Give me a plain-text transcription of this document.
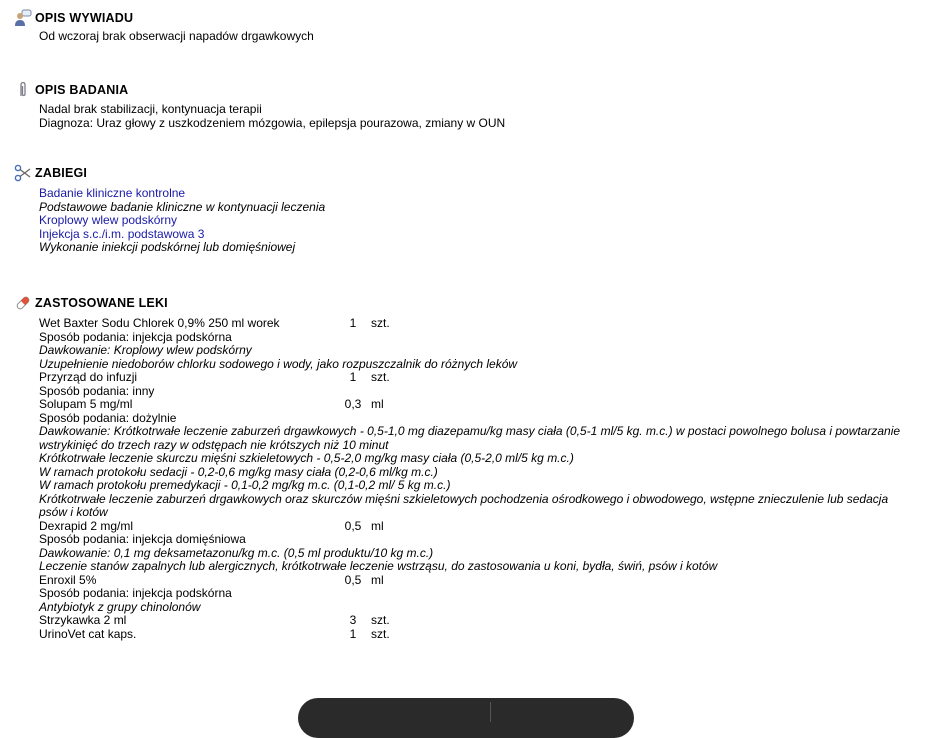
OPIS WYWIADU
Od wczoraj brak obserwacji napadów drgawkowych
OPIS BADANIA
Nadal brak stabilizacji, kontynuacja terapii
Diagnoza: Uraz głowy z uszkodzeniem mózgowia, epilepsja pourazowa, zmiany w OUN
ZABIEGI
Badanie kliniczne kontrolne
Podstawowe badanie kliniczne w kontynuacji leczenia
Kroplowy wlew podskórny
Injekcja s.c./i.m. podstawowa 3
Wykonanie iniekcji podskórnej lub domięśniowej
ZASTOSOWANE LEKI
Wet Baxter Sodu Chlorek 0,9% 250 ml worek	1	szt.
Sposób podania: injekcja podskórna
Dawkowanie: Kroplowy wlew podskórny
Uzupełnienie niedoborów chlorku sodowego i wody, jako rozpuszczalnik do różnych leków
Przyrząd do infuzji	1	szt.
Sposób podania: inny
Solupam 5 mg/ml	0,3 ml
Sposób podania: dożylnie
Dawkowanie: Krótkotrwałe leczenie zaburzeń drgawkowych - 0,5-1,0 mg diazepamu/kg masy ciała (0,5-1 ml/5 kg. m.c.) w postaci powolnego bolusa i powtarzanie wstrykinięć do trzech razy w odstępach nie krótszych niż 10 minut
Krótkotrwałe leczenie skurczu mięśni szkieletowych - 0,5-2,0 mg/kg masy ciała (0,5-2,0 ml/5 kg m.c.)
W ramach protokołu sedacji - 0,2-0,6 mg/kg masy ciała (0,2-0,6 ml/kg m.c.)
W ramach protokołu premedykacji - 0,1-0,2 mg/kg m.c. (0,1-0,2 ml/ 5 kg m.c.)
Krótkotrwałe leczenie zaburzeń drgawkowych oraz skurczów mięśni szkieletowych pochodzenia ośrodkowego i obwodowego, wstępne znieczulenie lub sedacja psów i kotów
Dexrapid 2 mg/ml	0,5 ml
Sposób podania: injekcja domięśniowa
Dawkowanie: 0,1 mg deksametazonu/kg m.c. (0,5 ml produktu/10 kg m.c.)
Leczenie stanów zapalnych lub alergicznych, krótkotrwałe leczenie wstrząsu, do zastosowania u koni, bydła, świń, psów i kotów
Enroxil 5%	0,5 ml
Sposób podania: injekcja podskórna
Antybiotyk z grupy chinolonów
Strzykawka 2 ml	3	szt.
UrinoVet cat kaps.	1	szt.
